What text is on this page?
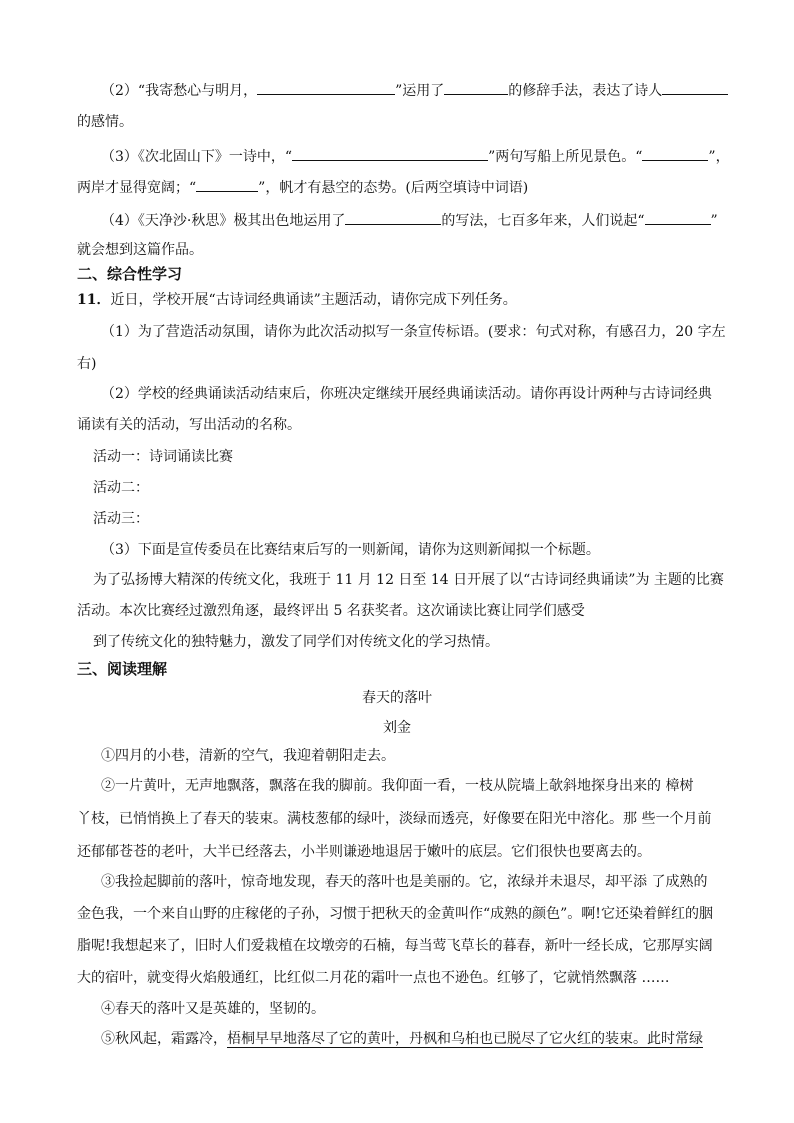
（2）“我寄愁心与明月，	”运用了	的修辞手法，表达了诗人
的感情。
（3）《次北固山下》一诗中，“	”两句写船上所见景色。“	”，
两岸才显得宽阔；“	”，帆才有悬空的态势。(后两空填诗中词语)
（4）《天净沙·秋思》极其出色地运用了	的写法，七百多年来，人们说起“	”
就会想到这篇作品。
二、综合性学习
11．近日，学校开展“古诗词经典诵读”主题活动，请你完成下列任务。
（1）为了营造活动氛围，请你为此次活动拟写一条宣传标语。(要求：句式对称，有感召力，20 字左
右)
（2）学校的经典诵读活动结束后，你班决定继续开展经典诵读活动。请你再设计两种与古诗词经典
诵读有关的活动，写出活动的名称。
活动一：诗词诵读比赛
活动二：
活动三：
（3）下面是宣传委员在比赛结束后写的一则新闻，请你为这则新闻拟一个标题。
为了弘扬博大精深的传统文化，我班于 11 月 12 日至 14 日开展了以“古诗词经典诵读”为 主题的比赛
活动。本次比赛经过激烈角逐，最终评出 5 名获奖者。这次诵读比赛让同学们感受
到了传统文化的独特魅力，激发了同学们对传统文化的学习热情。
三、阅读理解
春天的落叶
刘金
①四月的小巷，清新的空气，我迎着朝阳走去。
②一片黄叶，无声地飘落，飘落在我的脚前。我仰面一看，一枝从院墙上欹斜地探身出来的 樟树
丫枝，已悄悄换上了春天的装束。满枝葱郁的绿叶，淡绿而透亮，好像要在阳光中溶化。那 些一个月前
还郁郁苍苍的老叶，大半已经落去，小半则谦逊地退居于嫩叶的底层。它们很快也要离去的。
③我捡起脚前的落叶，惊奇地发现，春天的落叶也是美丽的。它，浓绿并未退尽，却平添 了成熟的
金色我，一个来自山野的庄稼佬的子孙，习惯于把秋天的金黄叫作“成熟的颜色”。啊!它还染着鲜红的胭
脂呢!我想起来了，旧时人们爱栽植在坟墩旁的石楠，每当莺飞草长的暮春，新叶一经长成，它那厚实阔
大的宿叶，就变得火焰般通红，比红似二月花的霜叶一点也不逊色。红够了，它就悄然飘落 ……
④春天的落叶又是英雄的，坚韧的。
⑤秋风起，霜露冷，梧桐早早地落尽了它的黄叶，丹枫和乌桕也已脱尽了它火红的装束。此时常绿
